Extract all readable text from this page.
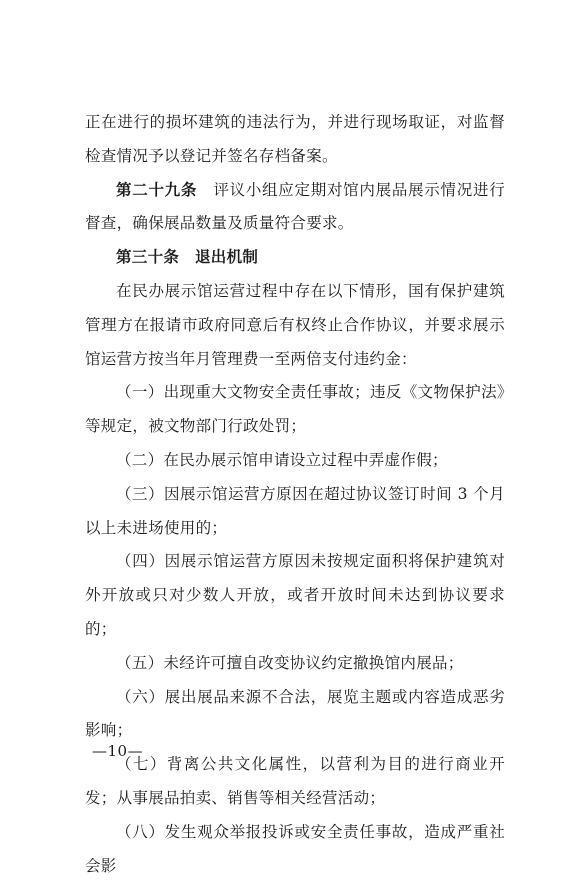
正在进行的损坏建筑的违法行为，并进行现场取证，对监督检查情况予以登记并签名存档备案。

第二十九条　评议小组应定期对馆内展品展示情况进行督查，确保展品数量及质量符合要求。

第三十条　退出机制

在民办展示馆运营过程中存在以下情形，国有保护建筑管理方在报请市政府同意后有权终止合作协议，并要求展示馆运营方按当年月管理费一至两倍支付违约金：

（一）出现重大文物安全责任事故；违反《文物保护法》等规定，被文物部门行政处罚；

（二）在民办展示馆申请设立过程中弄虚作假；

（三）因展示馆运营方原因在超过协议签订时间 3 个月以上未进场使用的；

（四）因展示馆运营方原因未按规定面积将保护建筑对外开放或只对少数人开放，或者开放时间未达到协议要求的；

（五）未经许可擅自改变协议约定撤换馆内展品；

（六）展出展品来源不合法，展览主题或内容造成恶劣影响；

（七）背离公共文化属性，以营利为目的进行商业开发；从事展品拍卖、销售等相关经营活动；

（八）发生观众举报投诉或安全责任事故，造成严重社会影

—10—
